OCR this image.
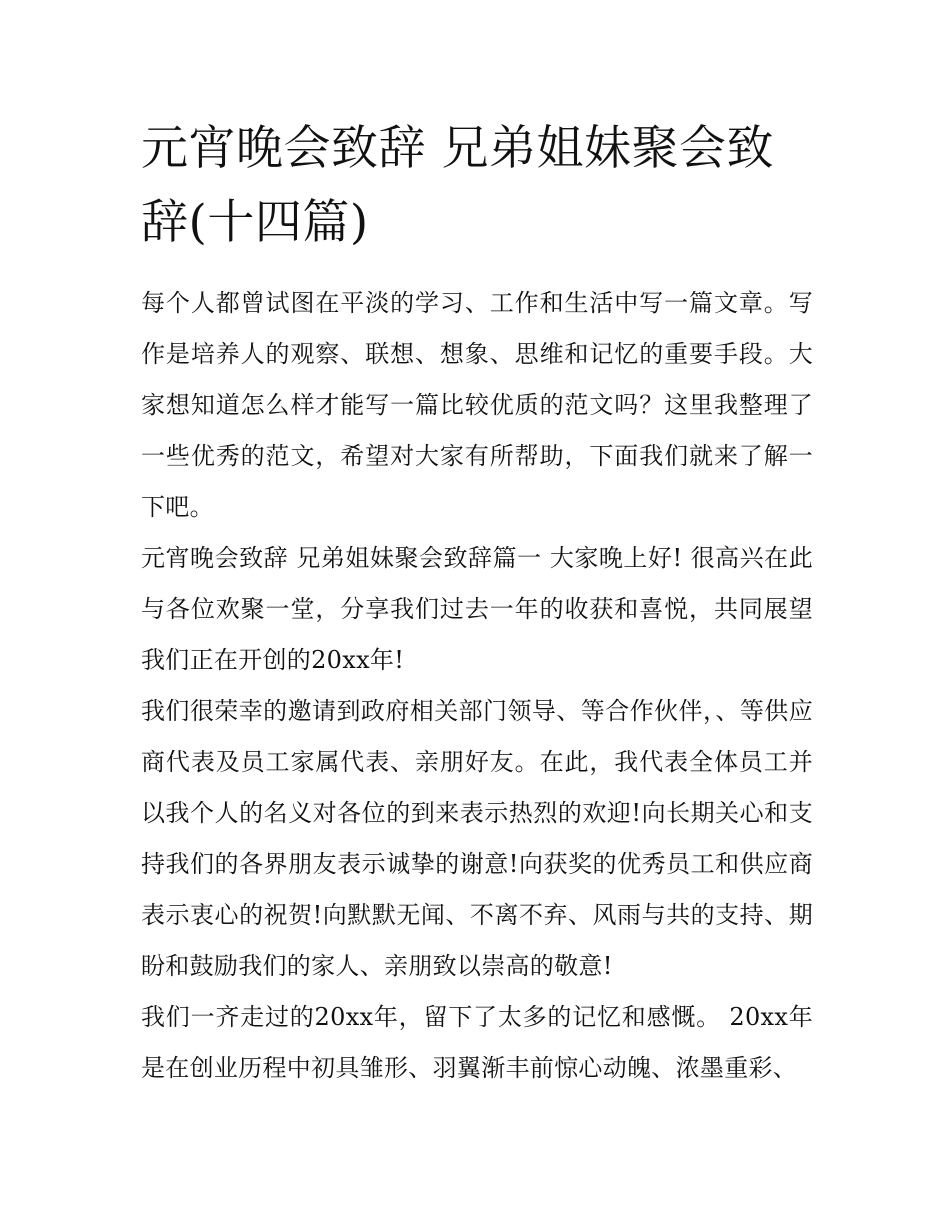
元宵晚会致辞 兄弟姐妹聚会致辞(十四篇)

每个人都曾试图在平淡的学习、工作和生活中写一篇文章。写作是培养人的观察、联想、想象、思维和记忆的重要手段。大家想知道怎么样才能写一篇比较优质的范文吗？这里我整理了一些优秀的范文，希望对大家有所帮助，下面我们就来了解一下吧。

元宵晚会致辞 兄弟姐妹聚会致辞篇一 大家晚上好! 很高兴在此与各位欢聚一堂，分享我们过去一年的收获和喜悦，共同展望我们正在开创的20xx年!

我们很荣幸的邀请到政府相关部门领导、等合作伙伴，、等供应商代表及员工家属代表、亲朋好友。在此，我代表全体员工并以我个人的名义对各位的到来表示热烈的欢迎!向长期关心和支持我们的各界朋友表示诚挚的谢意!向获奖的优秀员工和供应商表示衷心的祝贺!向默默无闻、不离不弃、风雨与共的支持、期盼和鼓励我们的家人、亲朋致以崇高的敬意!

我们一齐走过的20xx年，留下了太多的记忆和感慨。 20xx年是在创业历程中初具雏形、羽翼渐丰前惊心动魄、浓墨重彩、
